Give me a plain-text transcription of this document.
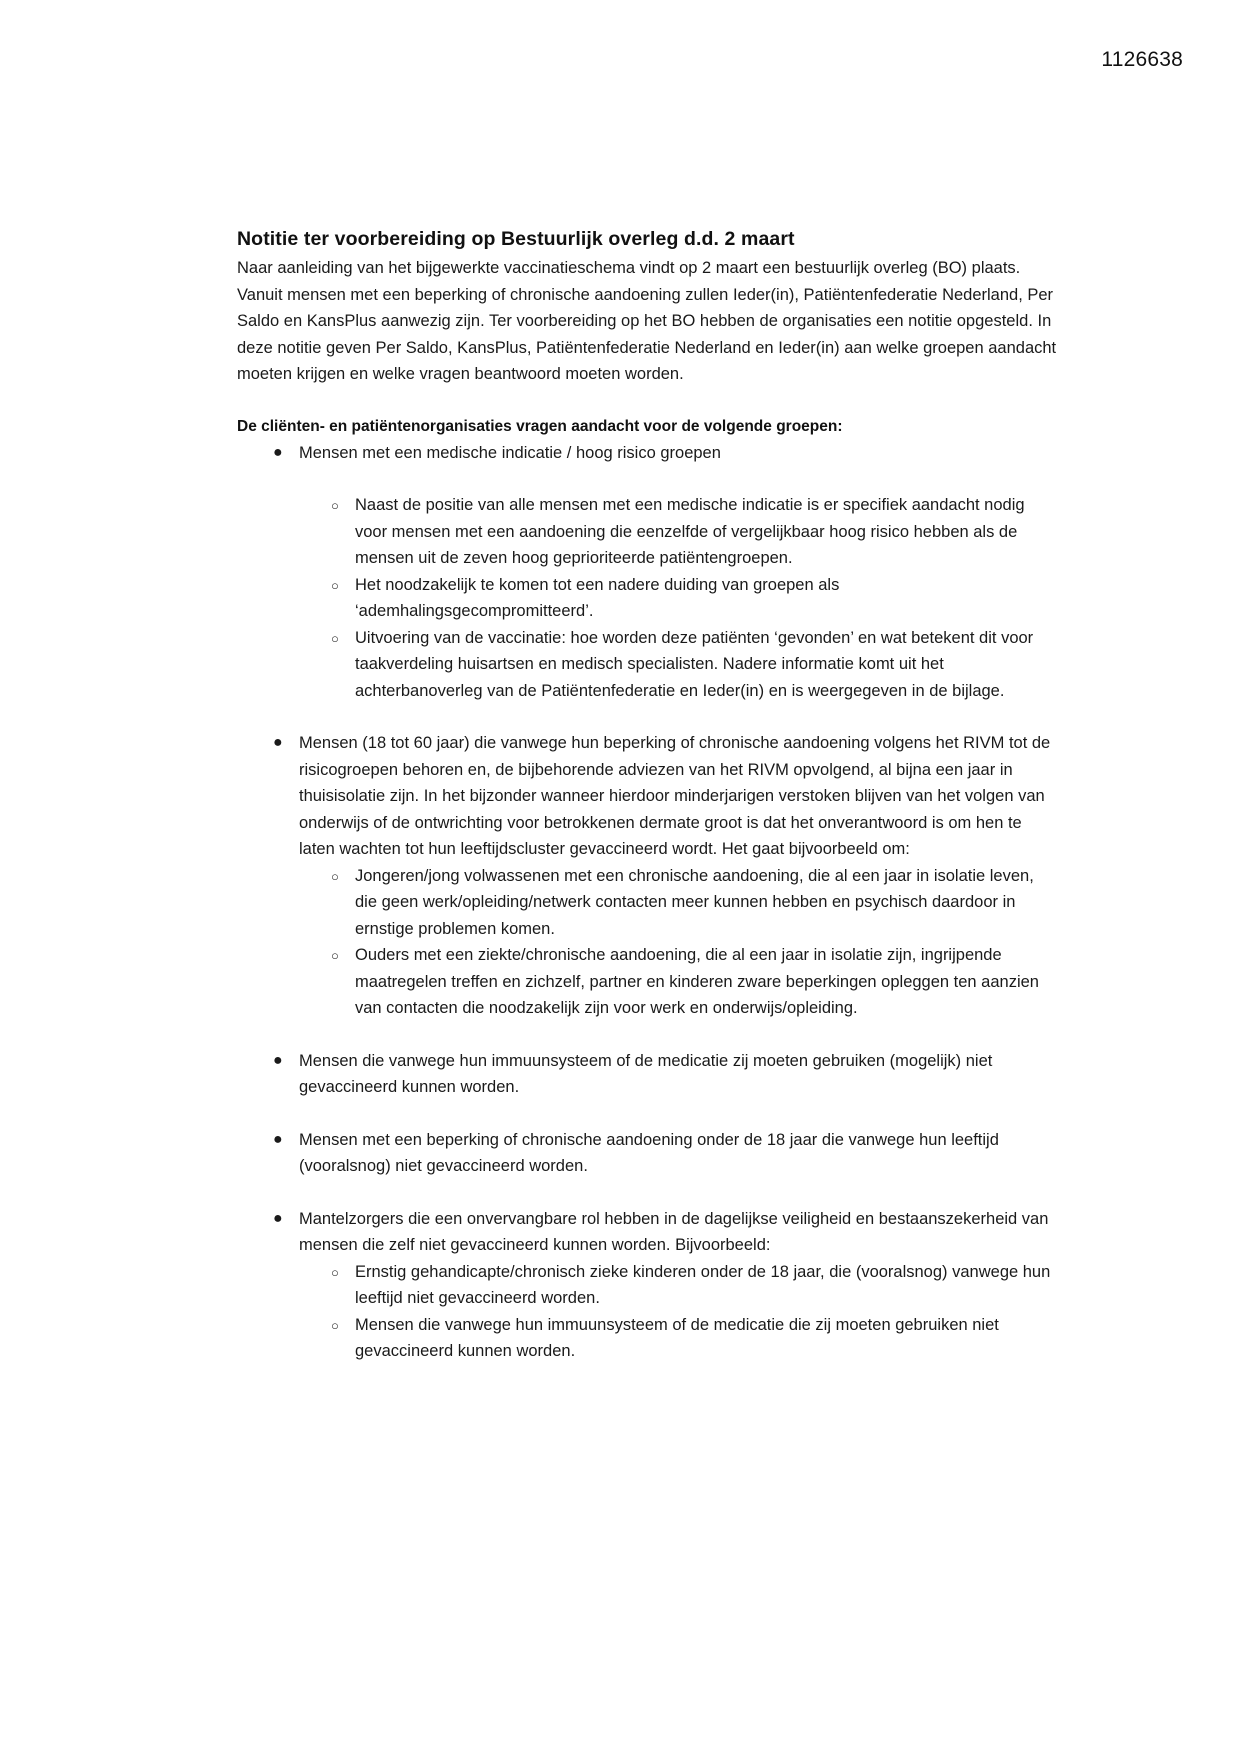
1126638
Notitie ter voorbereiding op Bestuurlijk overleg d.d. 2 maart

Naar aanleiding van het bijgewerkte vaccinatieschema vindt op 2 maart een bestuurlijk overleg (BO) plaats. Vanuit mensen met een beperking of chronische aandoening zullen Ieder(in), Patiëntenfederatie Nederland, Per Saldo en KansPlus aanwezig zijn. Ter voorbereiding op het BO hebben de organisaties een notitie opgesteld. In deze notitie geven Per Saldo, KansPlus, Patiëntenfederatie Nederland en Ieder(in) aan welke groepen aandacht moeten krijgen en welke vragen beantwoord moeten worden.

De cliënten- en patiëntenorganisaties vragen aandacht voor de volgende groepen:
● Mensen met een medische indicatie / hoog risico groepen
○ Naast de positie van alle mensen met een medische indicatie is er specifiek aandacht nodig voor mensen met een aandoening die eenzelfde of vergelijkbaar hoog risico hebben als de mensen uit de zeven hoog geprioriteerde patiëntengroepen.
○ Het noodzakelijk te komen tot een nadere duiding van groepen als ‘ademhalingsgecompromitteerd’.
○ Uitvoering van de vaccinatie: hoe worden deze patiënten ‘gevonden’ en wat betekent dit voor taakverdeling huisartsen en medisch specialisten. Nadere informatie komt uit het achterbanoverleg van de Patiëntenfederatie en Ieder(in) en is weergegeven in de bijlage.
● Mensen (18 tot 60 jaar) die vanwege hun beperking of chronische aandoening volgens het RIVM tot de risicogroepen behoren en, de bijbehorende adviezen van het RIVM opvolgend, al bijna een jaar in thuisisolatie zijn. In het bijzonder wanneer hierdoor minderjarigen verstoken blijven van het volgen van onderwijs of de ontwrichting voor betrokkenen dermate groot is dat het onverantwoord is om hen te laten wachten tot hun leeftijdscluster gevaccineerd wordt. Het gaat bijvoorbeeld om:
○ Jongeren/jong volwassenen met een chronische aandoening, die al een jaar in isolatie leven, die geen werk/opleiding/netwerk contacten meer kunnen hebben en psychisch daardoor in ernstige problemen komen.
○ Ouders met een ziekte/chronische aandoening, die al een jaar in isolatie zijn, ingrijpende maatregelen treffen en zichzelf, partner en kinderen zware beperkingen opleggen ten aanzien van contacten die noodzakelijk zijn voor werk en onderwijs/opleiding.
● Mensen die vanwege hun immuunsysteem of de medicatie zij moeten gebruiken (mogelijk) niet gevaccineerd kunnen worden.
● Mensen met een beperking of chronische aandoening onder de 18 jaar die vanwege hun leeftijd (vooralsnog) niet gevaccineerd worden.
● Mantelzorgers die een onvervangbare rol hebben in de dagelijkse veiligheid en bestaanszekerheid van mensen die zelf niet gevaccineerd kunnen worden. Bijvoorbeeld:
○ Ernstig gehandicapte/chronisch zieke kinderen onder de 18 jaar, die (vooralsnog) vanwege hun leeftijd niet gevaccineerd worden.
○ Mensen die vanwege hun immuunsysteem of de medicatie die zij moeten gebruiken niet gevaccineerd kunnen worden.
